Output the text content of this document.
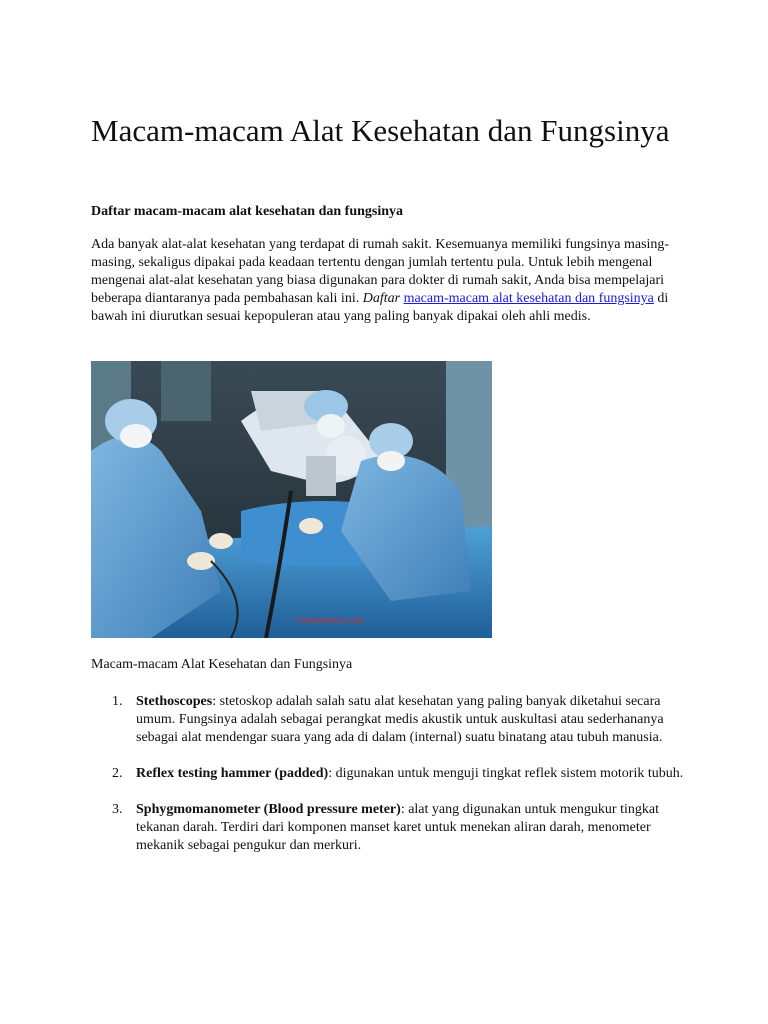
Macam-macam Alat Kesehatan dan Fungsinya

Daftar macam-macam alat kesehatan dan fungsinya

Ada banyak alat-alat kesehatan yang terdapat di rumah sakit. Kesemuanya memiliki fungsinya masing-masing, sekaligus dipakai pada keadaan tertentu dengan jumlah tertentu pula. Untuk lebih mengenal mengenai alat-alat kesehatan yang biasa digunakan para dokter di rumah sakit, Anda bisa mempelajari beberapa diantaranya pada pembahasan kali ini. Daftar macam-macam alat kesehatan dan fungsinya di bawah ini diurutkan sesuai kepopuleran atau yang paling banyak dipakai oleh ahli medis.

wenusehat.com

Macam-macam Alat Kesehatan dan Fungsinya

1. Stethoscopes: stetoskop adalah salah satu alat kesehatan yang paling banyak diketahui secara umum. Fungsinya adalah sebagai perangkat medis akustik untuk auskultasi atau sederhananya sebagai alat mendengar suara yang ada di dalam (internal) suatu binatang atau tubuh manusia.
2. Reflex testing hammer (padded): digunakan untuk menguji tingkat reflek sistem motorik tubuh.
3. Sphygmomanometer (Blood pressure meter): alat yang digunakan untuk mengukur tingkat tekanan darah. Terdiri dari komponen manset karet untuk menekan aliran darah, menometer mekanik sebagai pengukur dan merkuri.
